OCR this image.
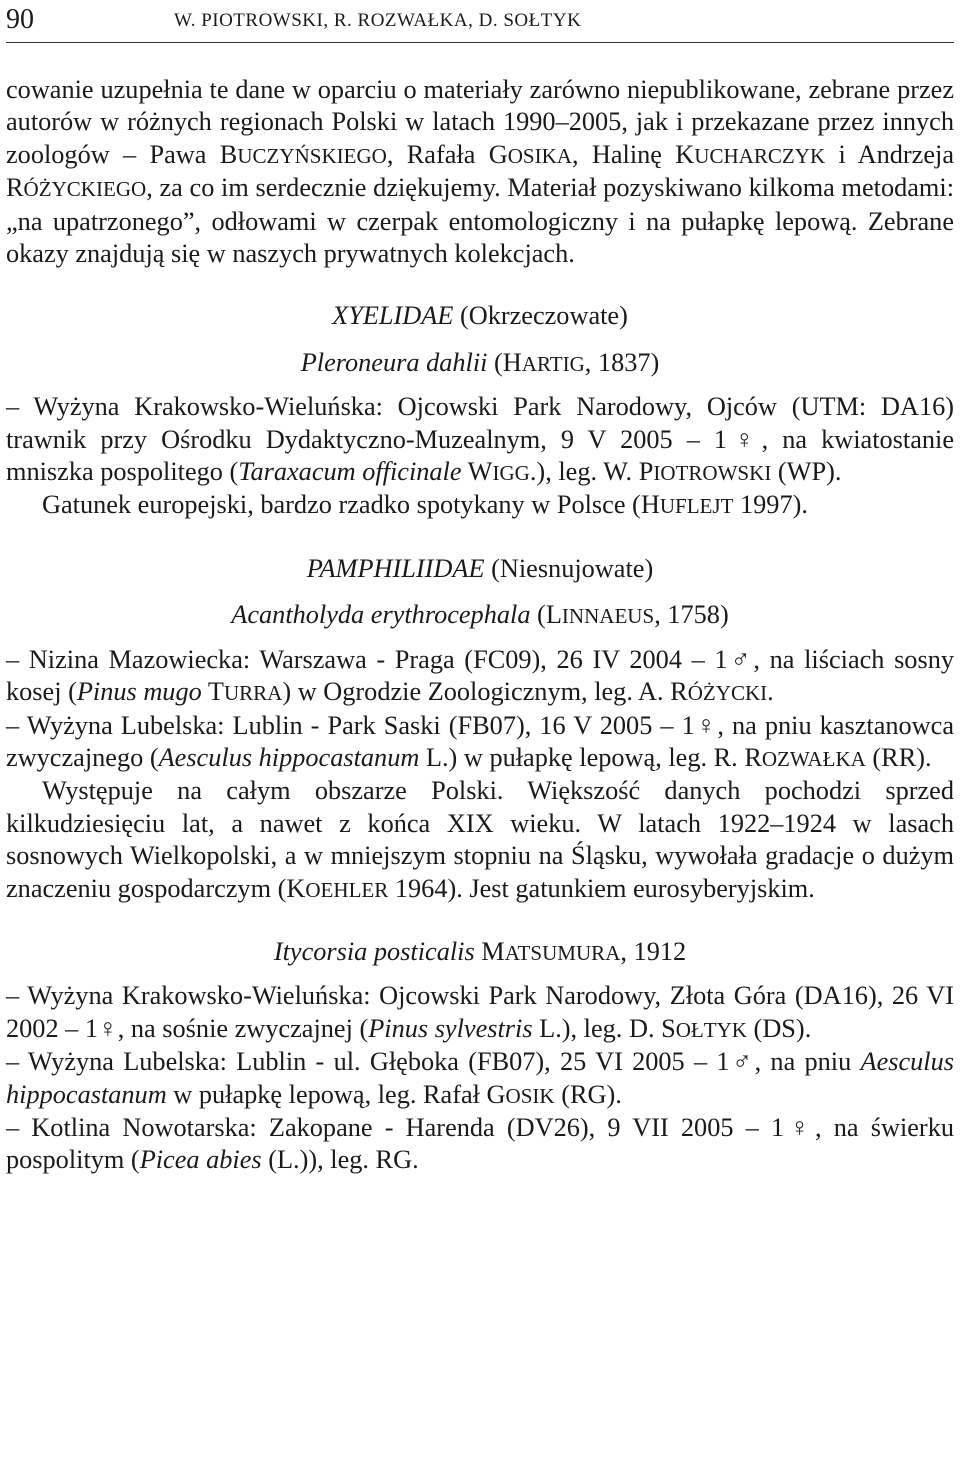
90	W. PIOTROWSKI, R. ROZWAŁKA, D. SOŁTYK

cowanie uzupełnia te dane w oparciu o materiały zarówno niepublikowane, zebrane przez autorów w różnych regionach Polski w latach 1990–2005, jak i przekazane przez innych zoologów – Pawa BUCZYŃSKIEGO, Rafała GOSIKA, Halinę KUCHARCZYK i Andrzeja RÓŻYCKIEGO, za co im serdecznie dziękujemy. Materiał pozyskiwano kilkoma metodami: „na upatrzonego”, odłowami w czerpak entomologiczny i na pułapkę lepową. Zebrane okazy znajdują się w naszych prywatnych kolekcjach.

XYELIDAE (Okrzeczowate)

Pleroneura dahlii (HARTIG, 1837)

– Wyżyna Krakowsko-Wieluńska: Ojcowski Park Narodowy, Ojców (UTM: DA16) trawnik przy Ośrodku Dydaktyczno-Muzealnym, 9 V 2005 – 1♀, na kwiatostanie mniszka pospolitego (Taraxacum officinale WIGG.), leg. W. PIOTROWSKI (WP).

Gatunek europejski, bardzo rzadko spotykany w Polsce (HUFLEJT 1997).

PAMPHILIIDAE (Niesnujowate)

Acantholyda erythrocephala (LINNAEUS, 1758)

– Nizina Mazowiecka: Warszawa - Praga (FC09), 26 IV 2004 – 1♂, na liściach sosny kosej (Pinus mugo TURRA) w Ogrodzie Zoologicznym, leg. A. RÓŻYCKI.

– Wyżyna Lubelska: Lublin - Park Saski (FB07), 16 V 2005 – 1♀, na pniu kasztanowca zwyczajnego (Aesculus hippocastanum L.) w pułapkę lepową, leg. R. ROZWAŁKA (RR).

Występuje na całym obszarze Polski. Większość danych pochodzi sprzed kilkudziesięciu lat, a nawet z końca XIX wieku. W latach 1922–1924 w lasach sosnowych Wielkopolski, a w mniejszym stopniu na Śląsku, wywołała gradacje o dużym znaczeniu gospodarczym (KOEHLER 1964). Jest gatunkiem eurosyberyjskim.

Itycorsia posticalis MATSUMURA, 1912

– Wyżyna Krakowsko-Wieluńska: Ojcowski Park Narodowy, Złota Góra (DA16), 26 VI 2002 – 1♀, na sośnie zwyczajnej (Pinus sylvestris L.), leg. D. SOŁTYK (DS).

– Wyżyna Lubelska: Lublin - ul. Głęboka (FB07), 25 VI 2005 – 1♂, na pniu Aesculus hippocastanum w pułapkę lepową, leg. Rafał GOSIK (RG).

– Kotlina Nowotarska: Zakopane - Harenda (DV26), 9 VII 2005 – 1♀, na świerku pospolitym (Picea abies (L.)), leg. RG.
